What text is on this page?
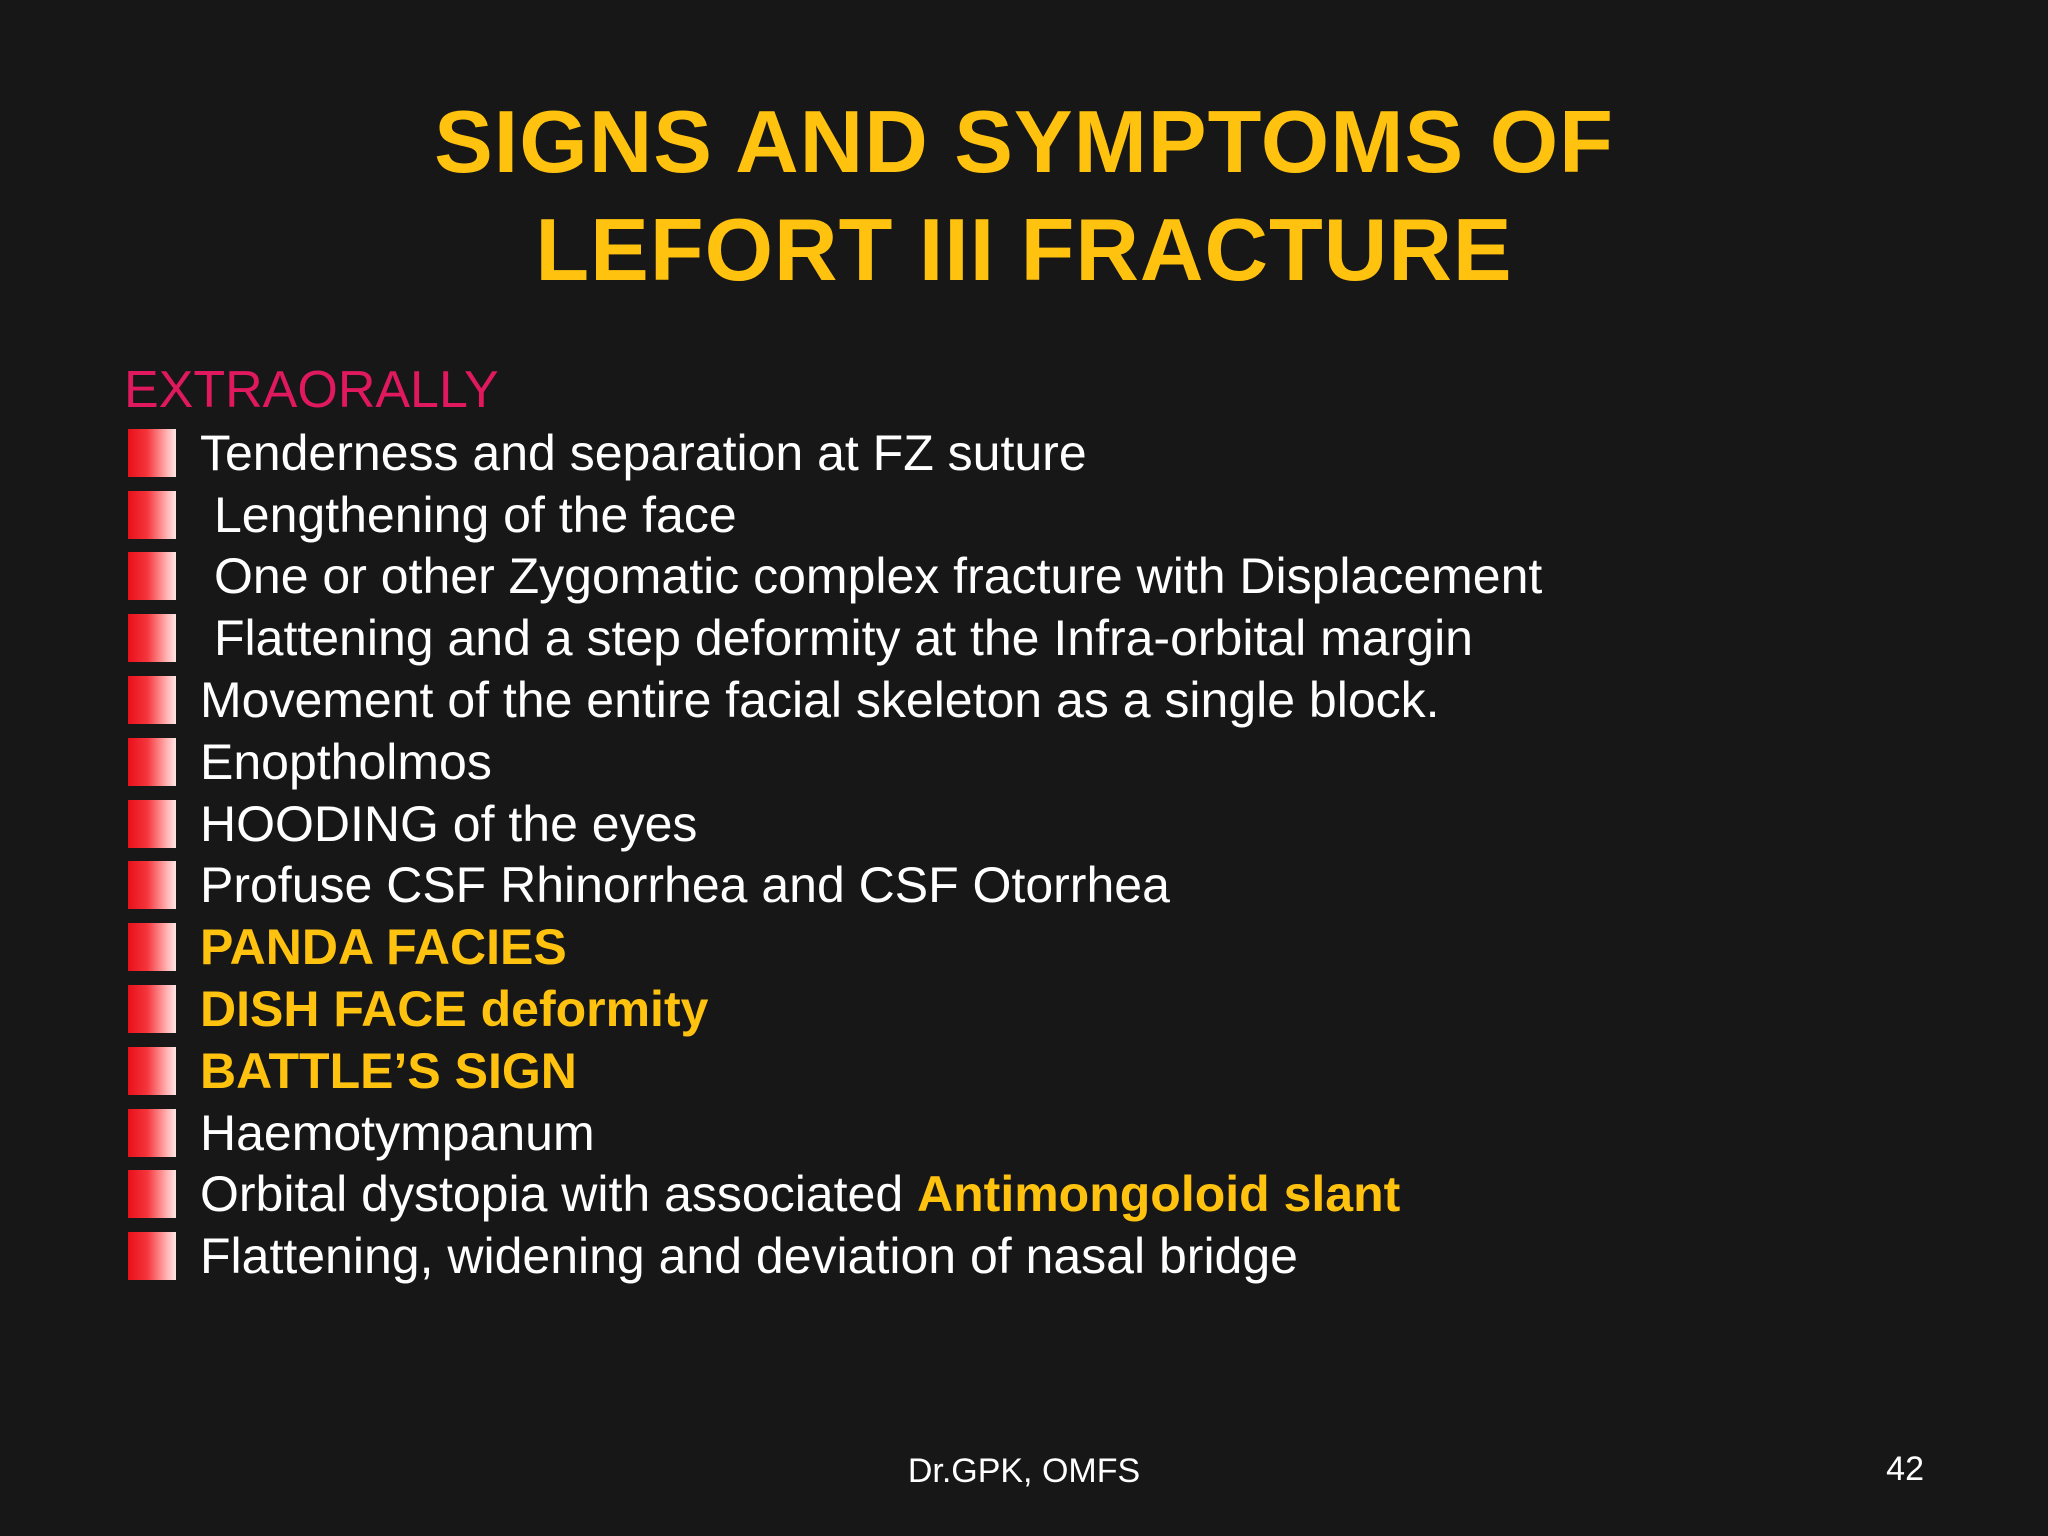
SIGNS AND SYMPTOMS OF
LEFORT III FRACTURE
EXTRAORALLY
Tenderness and separation at FZ suture
Lengthening of the face
One or other Zygomatic complex fracture with Displacement
Flattening and a step deformity at the Infra-orbital margin
Movement of the entire facial skeleton as a single block.
Enoptholmos
HOODING of the eyes
Profuse CSF Rhinorrhea and CSF Otorrhea
PANDA FACIES
DISH FACE deformity
BATTLE’S SIGN
Haemotympanum
Orbital dystopia with associated Antimongoloid slant
Flattening, widening and deviation of nasal bridge
Dr.GPK, OMFS	42
